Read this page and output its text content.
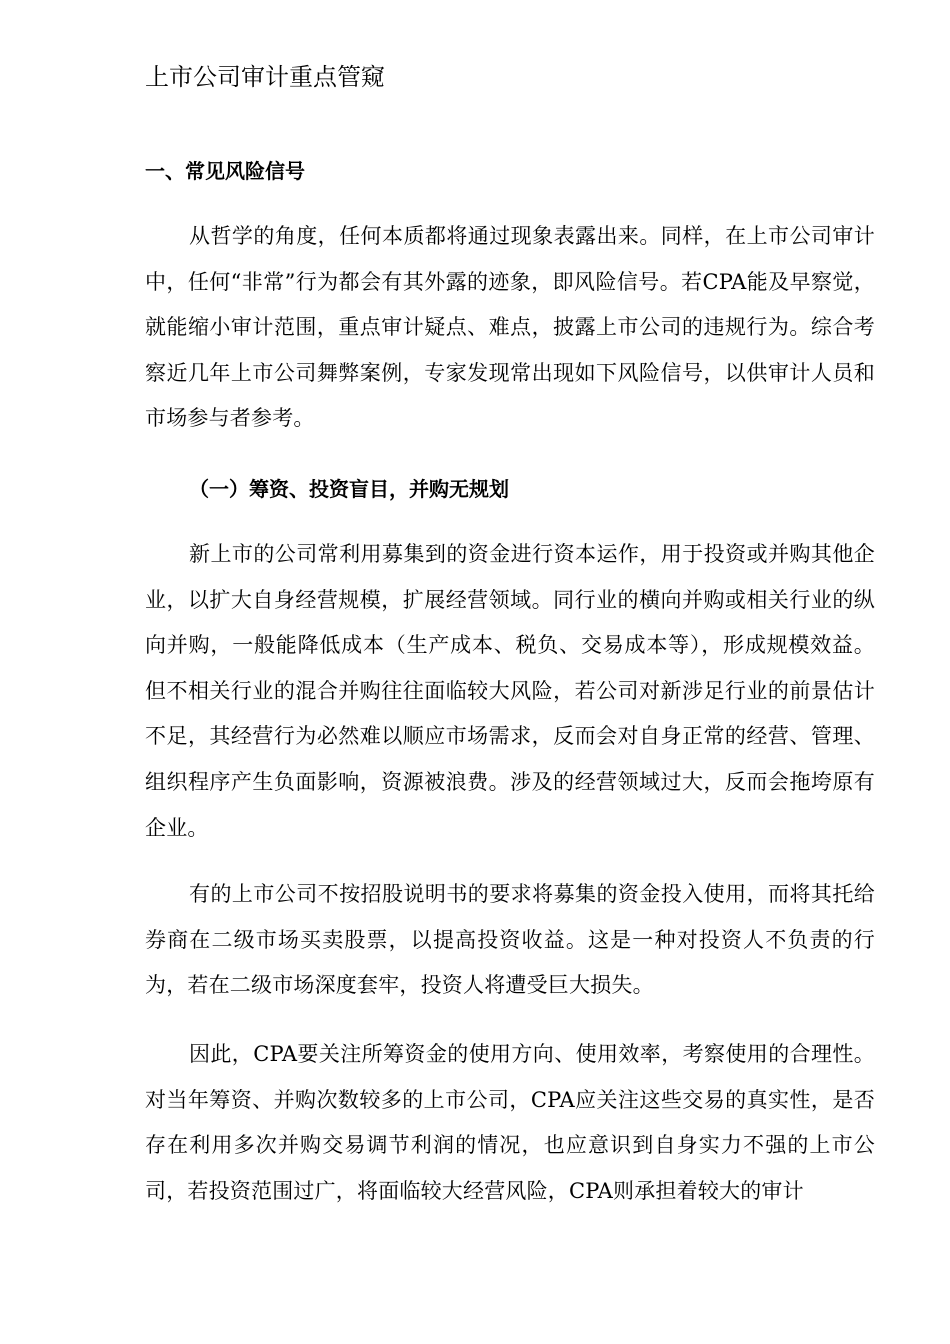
上市公司审计重点管窥
一、常见风险信号

从哲学的角度，任何本质都将通过现象表露出来。同样，在上市公司审计中，任何“非常”行为都会有其外露的迹象，即风险信号。若CPA能及早察觉，就能缩小审计范围，重点审计疑点、难点，披露上市公司的违规行为。综合考察近几年上市公司舞弊案例，专家发现常出现如下风险信号，以供审计人员和市场参与者参考。

（一）筹资、投资盲目，并购无规划

新上市的公司常利用募集到的资金进行资本运作，用于投资或并购其他企业，以扩大自身经营规模，扩展经营领域。同行业的横向并购或相关行业的纵向并购，一般能降低成本（生产成本、税负、交易成本等），形成规模效益。但不相关行业的混合并购往往面临较大风险，若公司对新涉足行业的前景估计不足，其经营行为必然难以顺应市场需求，反而会对自身正常的经营、管理、组织程序产生负面影响，资源被浪费。涉及的经营领域过大，反而会拖垮原有企业。

有的上市公司不按招股说明书的要求将募集的资金投入使用，而将其托给券商在二级市场买卖股票，以提高投资收益。这是一种对投资人不负责的行为，若在二级市场深度套牢，投资人将遭受巨大损失。

因此，CPA要关注所筹资金的使用方向、使用效率，考察使用的合理性。对当年筹资、并购次数较多的上市公司，CPA应关注这些交易的真实性，是否存在利用多次并购交易调节利润的情况，也应意识到自身实力不强的上市公司，若投资范围过广，将面临较大经营风险，CPA则承担着较大的审计
